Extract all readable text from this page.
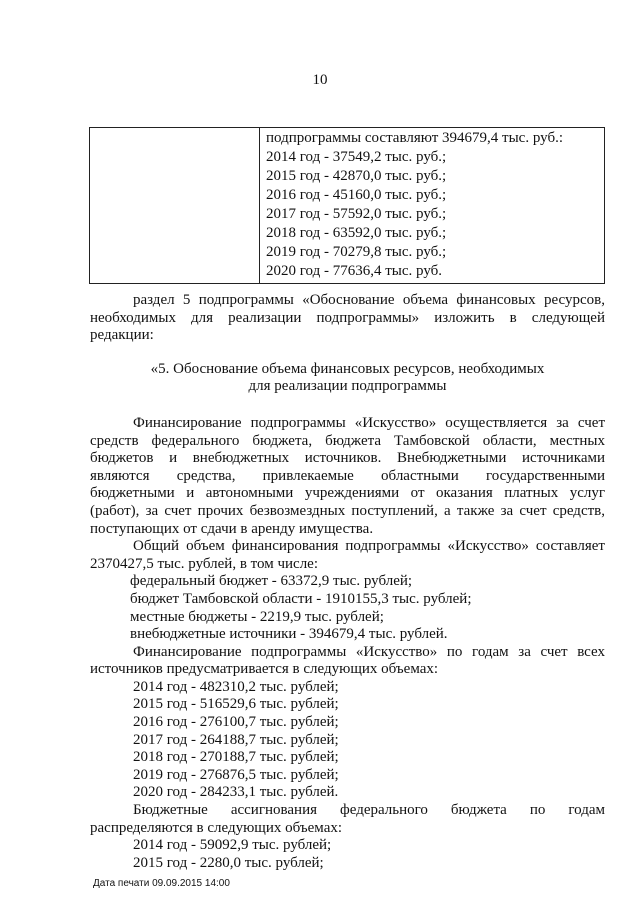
10

подпрограммы составляют 394679,4 тыс. руб.:
2014 год - 37549,2 тыс. руб.;
2015 год - 42870,0 тыс. руб.;
2016 год - 45160,0 тыс. руб.;
2017 год - 57592,0 тыс. руб.;
2018 год - 63592,0 тыс. руб.;
2019 год - 70279,8 тыс. руб.;
2020 год - 77636,4 тыс. руб.
раздел 5 подпрограммы «Обоснование объема финансовых ресурсов,
необходимых для реализации подпрограммы» изложить в следующей
редакции:
«5. Обоснование объема финансовых ресурсов, необходимых
для реализации подпрограммы
Финансирование подпрограммы «Искусство» осуществляется за счет
средств федерального бюджета, бюджета Тамбовской области, местных
бюджетов и внебюджетных источников. Внебюджетными источниками
являются средства, привлекаемые областными государственными
бюджетными и автономными учреждениями от оказания платных услуг
(работ), за счет прочих безвозмездных поступлений, а также за счет средств,
поступающих от сдачи в аренду имущества.
Общий объем финансирования подпрограммы «Искусство» составляет
2370427,5 тыс. рублей, в том числе:
федеральный бюджет - 63372,9 тыс. рублей;
бюджет Тамбовской области - 1910155,3 тыс. рублей;
местные бюджеты - 2219,9 тыс. рублей;
внебюджетные источники - 394679,4 тыс. рублей.
Финансирование подпрограммы «Искусство» по годам за счет всех
источников предусматривается в следующих объемах:
2014 год - 482310,2 тыс. рублей;
2015 год - 516529,6 тыс. рублей;
2016 год - 276100,7 тыс. рублей;
2017 год - 264188,7 тыс. рублей;
2018 год - 270188,7 тыс. рублей;
2019 год - 276876,5 тыс. рублей;
2020 год - 284233,1 тыс. рублей.
Бюджетные ассигнования федерального бюджета по годам
распределяются в следующих объемах:
2014 год - 59092,9 тыс. рублей;
2015 год - 2280,0 тыс. рублей;
Дата печати 09.09.2015 14:00
